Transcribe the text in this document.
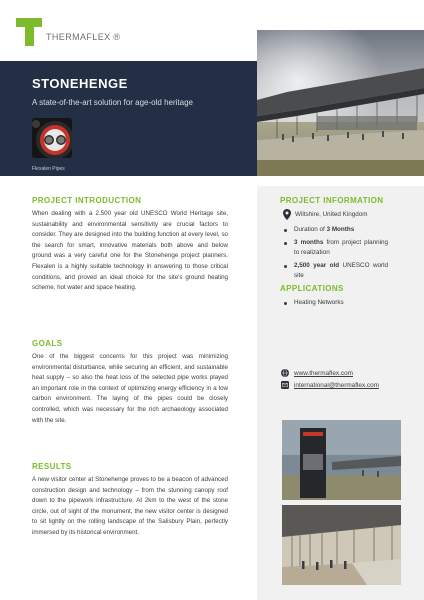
THERMAFLEX ®
STONEHENGE
A state-of-the-art solution for age-old heritage
Flexalen Pipes
PROJECT INTRODUCTION

When dealing with a 2.500 year old UNESCO World Heritage site, sustainability and environmental sensitivity are crucial factors to consider. They are designed into the building function at every level, so the search for smart, innovative materials both above and below ground was a very careful one for the Stonehenge project planners. Flexalen is a highly suitable technology in answering to those critical conditions, and proved an ideal choice for the site's ground heating scheme, hot water and space heating.

GOALS

One of the biggest concerns for this project was minimizing environmental disturbance, while securing an efficient, and sustainable heat supply – so also the heat loss of the selected pipe works played an important role in the context of optimizing energy efficiency in a low carbon environment. The laying of the pipes could be closely controlled, which was necessary for the rich archaeology associated with the site.

RESULTS

A new visitor center at Stonehenge proves to be a beacon of advanced construction design and technology – from the stunning canopy roof down to the pipework infrastructure. At 2km to the west of the stone circle, out of sight of the monument, the new visitor center is designed to sit lightly on the rolling landscape of the Salisbury Plain, perfectly immersed by its historical environment.

PROJECT INFORMATION
Wiltshire, United Kingdom
Duration of 3 Months
3 months from project planning to realization
2,500 year old UNESCO world site
APPLICATIONS
Heating Networks
www.thermaflex.com
international@thermaflex.com
